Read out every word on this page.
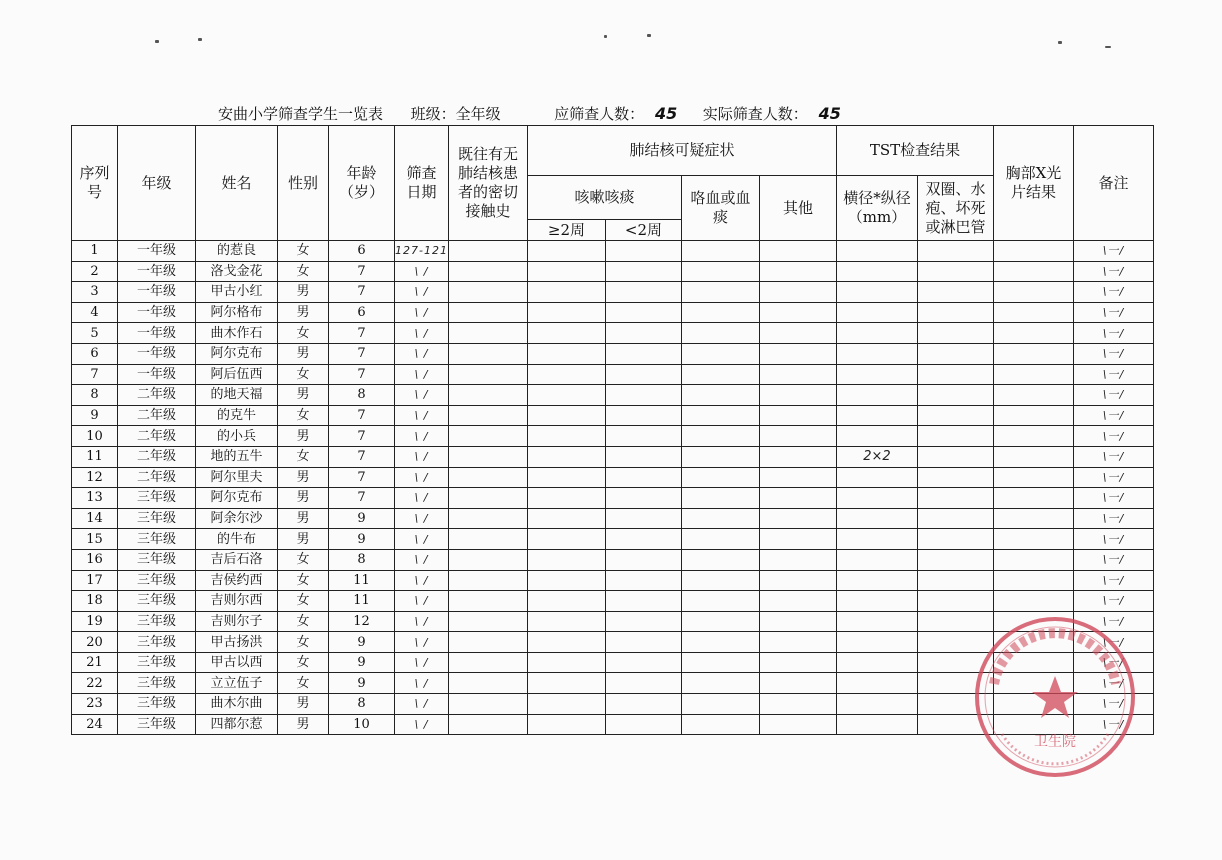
安曲小学筛查学生一览表 班级：全年级	应筛查人数： 45 实际筛查人数： 45
序列号	年级	姓名	性别	年龄（岁）	筛查日期	既往有无肺结核患者的密切接触史	肺结核可疑症状				TST检查结果		胸部X光片结果	备注
							咳嗽咳痰		咯血或血痰	其他	横径*纵径（mm）	双圈、水疱、坏死或淋巴管		
							≥2周	<2周						
1	一年级	的惹良	女	6	127-121									\一/
2	一年级	洛戈金花	女	7	\ /									\一/
3	一年级	甲古小红	男	7	\ /									\一/
4	一年级	阿尔格布	男	6	\ /									\一/
5	一年级	曲木作石	女	7	\ /									\一/
6	一年级	阿尔克布	男	7	\ /									\一/
7	一年级	阿后伍西	女	7	\ /									\一/
8	二年级	的地天福	男	8	\ /									\一/
9	二年级	的克牛	女	7	\ /									\一/
10	二年级	的小兵	男	7	\ /									\一/
11	二年级	地的五牛	女	7	\ /						2×2			\一/
12	二年级	阿尔里夫	男	7	\ /									\一/
13	三年级	阿尔克布	男	7	\ /									\一/
14	三年级	阿余尔沙	男	9	\ /									\一/
15	三年级	的牛布	男	9	\ /									\一/
16	三年级	吉后石洛	女	8	\ /									\一/
17	三年级	吉侯约西	女	11	\ /									\一/
18	三年级	吉则尔西	女	11	\ /									\一/
19	三年级	吉则尔子	女	12	\ /									\一/
20	三年级	甲古扬洪	女	9	\ /									\一/
21	三年级	甲古以西	女	9	\ /									\一/
22	三年级	立立伍子	女	9	\ /									\一/
23	三年级	曲木尔曲	男	8	\ /									\一/
24	三年级	四都尔惹	男	10	\ /									\一/
卫生院
